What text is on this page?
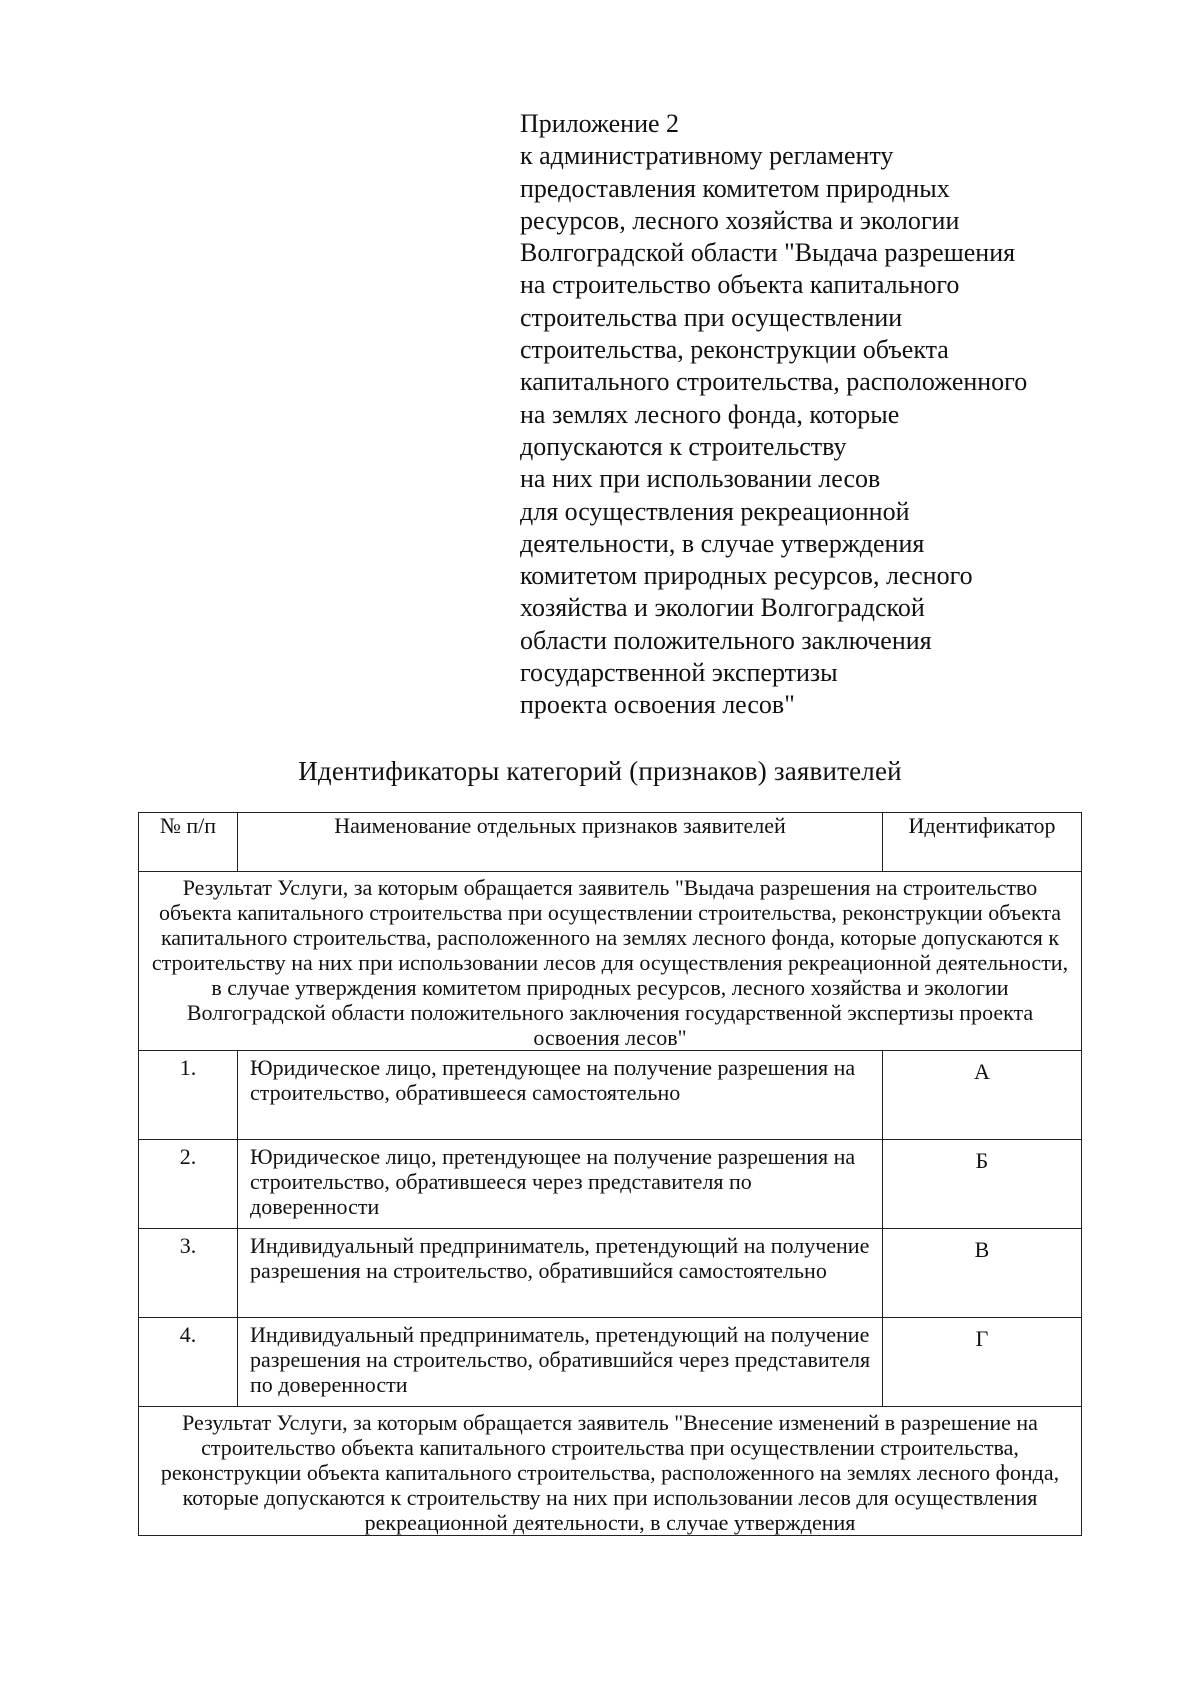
Приложение 2
к административному регламенту
предоставления комитетом природных
ресурсов, лесного хозяйства и экологии
Волгоградской области "Выдача разрешения
на строительство объекта капитального
строительства при осуществлении
строительства, реконструкции объекта
капитального строительства, расположенного
на землях лесного фонда, которые
допускаются к строительству
на них при использовании лесов
для осуществления рекреационной
деятельности, в случае утверждения
комитетом природных ресурсов, лесного
хозяйства и экологии Волгоградской
области положительного заключения
государственной экспертизы
проекта освоения лесов"
Идентификаторы категорий (признаков) заявителей
№ п/п	Наименование отдельных признаков заявителей	Идентификатор
Результат Услуги, за которым обращается заявитель "Выдача разрешения на строительство объекта капитального строительства при осуществлении строительства, реконструкции объекта капитального строительства, расположенного на землях лесного фонда, которые допускаются к строительству на них при использовании лесов для осуществления рекреационной деятельности, в случае утверждения комитетом природных ресурсов, лесного хозяйства и экологии Волгоградской области положительного заключения государственной экспертизы проекта освоения лесов"		
1.	Юридическое лицо, претендующее на получение разрешения на строительство, обратившееся самостоятельно	А
2.	Юридическое лицо, претендующее на получение разрешения на строительство, обратившееся через представителя по доверенности	Б
3.	Индивидуальный предприниматель, претендующий на получение разрешения на строительство, обратившийся самостоятельно	В
4.	Индивидуальный предприниматель, претендующий на получение разрешения на строительство, обратившийся через представителя по доверенности	Г
Результат Услуги, за которым обращается заявитель "Внесение изменений в разрешение на строительство объекта капитального строительства при осуществлении строительства, реконструкции объекта капитального строительства, расположенного на землях лесного фонда, которые допускаются к строительству на них при использовании лесов для осуществления рекреационной деятельности, в случае утверждения		
